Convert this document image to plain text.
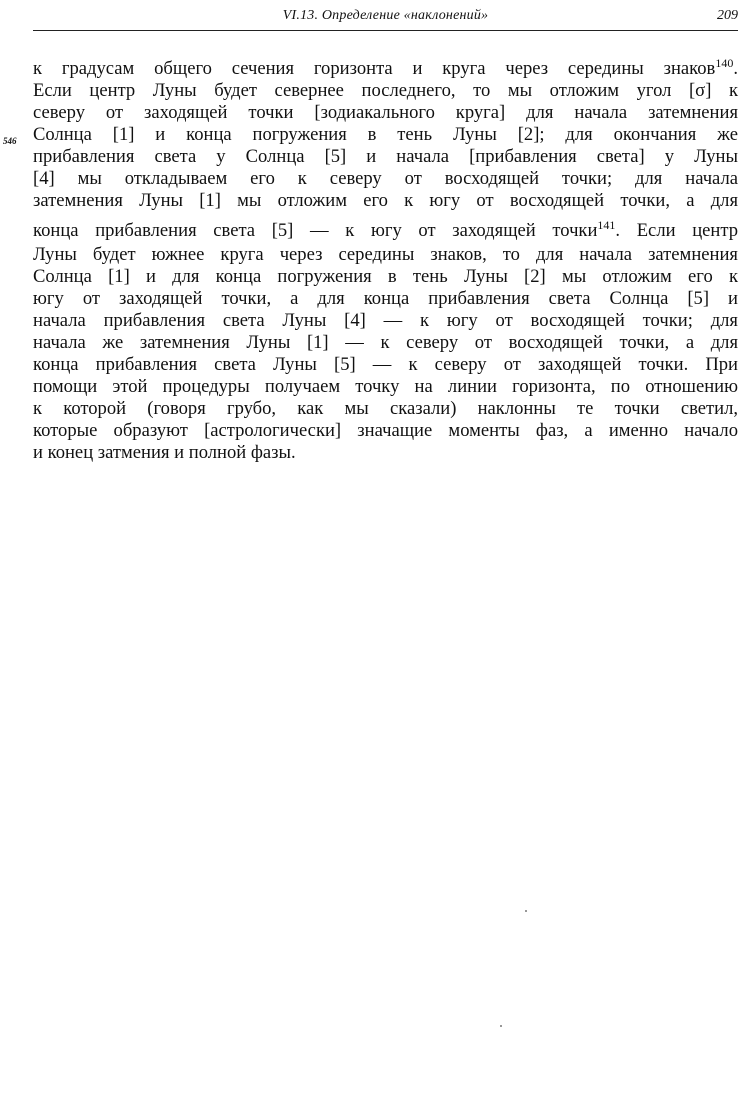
VI.13. Определение «наклонений»	209
546
к градусам общего сечения горизонта и круга через середины знаков$^{140}$.
Если центр Луны будет севернее последнего, то мы отложим угол [σ] к
северу от заходящей точки [зодиакального круга] для начала затемнения
Солнца [1] и конца погружения в тень Луны [2]; для окончания же
прибавления света у Солнца [5] и начала [прибавления света] у Луны
[4] мы откладываем его к северу от восходящей точки; для начала
затемнения Луны [1] мы отложим его к югу от восходящей точки, а для
конца прибавления света [5] — к югу от заходящей точки$^{141}$. Если центр
Луны будет южнее круга через середины знаков, то для начала затемнения
Солнца [1] и для конца погружения в тень Луны [2] мы отложим его к
югу от заходящей точки, а для конца прибавления света Солнца [5] и
начала прибавления света Луны [4] — к югу от восходящей точки; для
начала же затемнения Луны [1] — к северу от восходящей точки, а для
конца прибавления света Луны [5] — к северу от заходящей точки. При
помощи этой процедуры получаем точку на линии горизонта, по отношению
к которой (говоря грубо, как мы сказали) наклонны те точки светил,
которые образуют [астрологически] значащие моменты фаз, а именно начало
и конец затмения и полной фазы.
